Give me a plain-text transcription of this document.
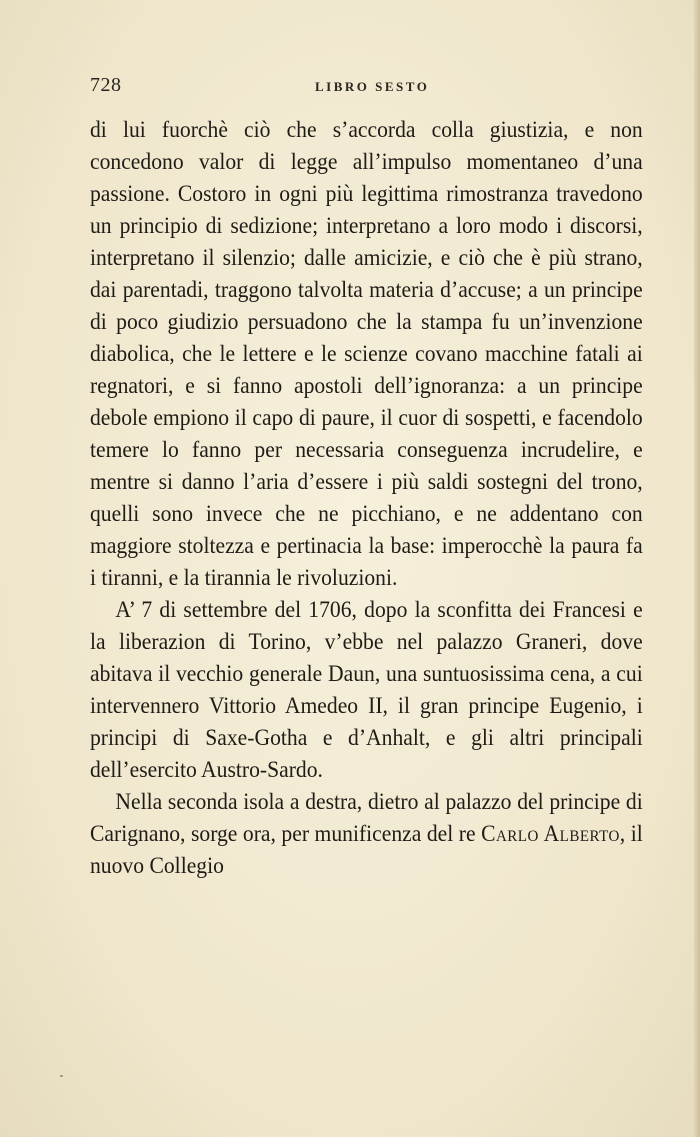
728	LIBRO SESTO

di lui fuorchè ciò che s’accorda colla giustizia, e non concedono valor di legge all’impulso momentaneo d’una passione. Costoro in ogni più legittima rimostranza travedono un principio di sedizione; interpretano a loro modo i discorsi, interpretano il silenzio; dalle amicizie, e ciò che è più strano, dai parentadi, traggono talvolta materia d’accuse; a un principe di poco giudizio persuadono che la stampa fu un’invenzione diabolica, che le lettere e le scienze covano macchine fatali ai regnatori, e si fanno apostoli dell’ignoranza: a un principe debole empiono il capo di paure, il cuor di sospetti, e facendolo temere lo fanno per necessaria conseguenza incrudelire, e mentre si danno l’aria d’essere i più saldi sostegni del trono, quelli sono invece che ne picchiano, e ne addentano con maggiore stoltezza e pertinacia la base: imperocchè la paura fa i tiranni, e la tirannia le rivoluzioni.

A’ 7 di settembre del 1706, dopo la sconfitta dei Francesi e la liberazion di Torino, v’ebbe nel palazzo Graneri, dove abitava il vecchio generale Daun, una suntuosissima cena, a cui intervennero Vittorio Amedeo II, il gran principe Eugenio, i principi di Saxe-Gotha e d’Anhalt, e gli altri principali dell’esercito Austro-Sardo.

Nella seconda isola a destra, dietro al palazzo del principe di Carignano, sorge ora, per munificenza del re Carlo Alberto, il nuovo Collegio
